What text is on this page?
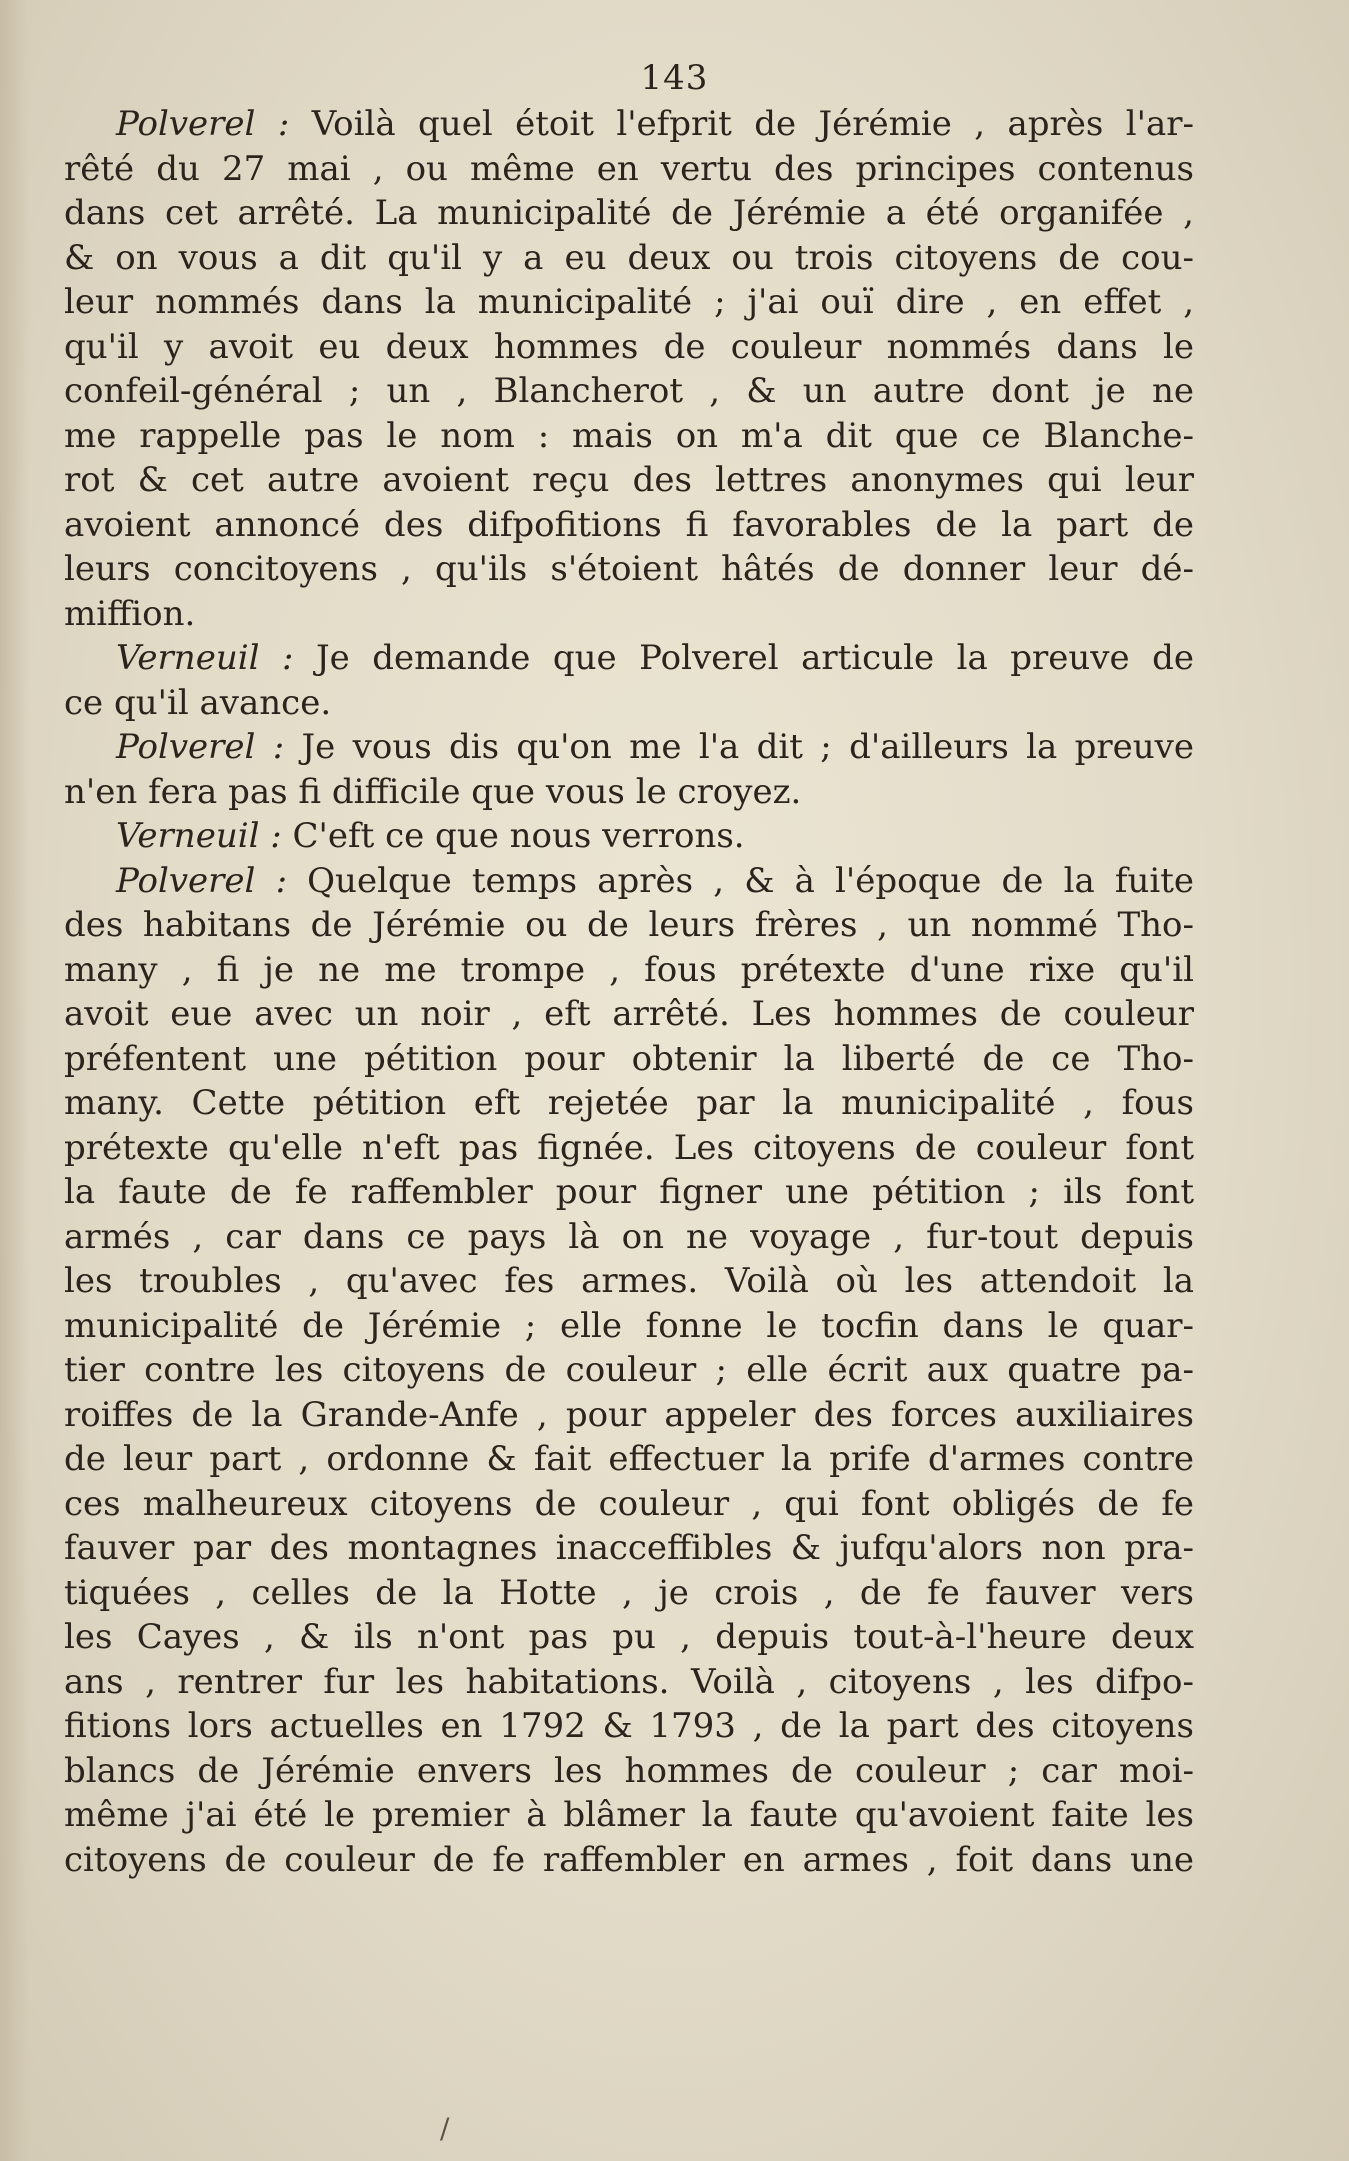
143
Polverel : Voilà quel étoit l'efprit de Jérémie , après l'ar-
rêté du 27 mai , ou même en vertu des principes contenus
dans cet arrêté. La municipalité de Jérémie a été organifée ,
& on vous a dit qu'il y a eu deux ou trois citoyens de cou-
leur nommés dans la municipalité ; j'ai ouï dire , en effet ,
qu'il y avoit eu deux hommes de couleur nommés dans le
confeil-général ; un , Blancherot , & un autre dont je ne
me rappelle pas le nom : mais on m'a dit que ce Blanche-
rot & cet autre avoient reçu des lettres anonymes qui leur
avoient annoncé des difpofitions fi favorables de la part de
leurs concitoyens , qu'ils s'étoient hâtés de donner leur dé-
miffion.
Verneuil : Je demande que Polverel articule la preuve de
ce qu'il avance.
Polverel : Je vous dis qu'on me l'a dit ; d'ailleurs la preuve
n'en fera pas fi difficile que vous le croyez.
Verneuil : C'eft ce que nous verrons.
Polverel : Quelque temps après , & à l'époque de la fuite
des habitans de Jérémie ou de leurs frères , un nommé Tho-
many , fi je ne me trompe , fous prétexte d'une rixe qu'il
avoit eue avec un noir , eft arrêté. Les hommes de couleur
préfentent une pétition pour obtenir la liberté de ce Tho-
many. Cette pétition eft rejetée par la municipalité , fous
prétexte qu'elle n'eft pas fignée. Les citoyens de couleur font
la faute de fe raffembler pour figner une pétition ; ils font
armés , car dans ce pays là on ne voyage , fur-tout depuis
les troubles , qu'avec fes armes. Voilà où les attendoit la
municipalité de Jérémie ; elle fonne le tocfin dans le quar-
tier contre les citoyens de couleur ; elle écrit aux quatre pa-
roiffes de la Grande-Anfe , pour appeler des forces auxiliaires
de leur part , ordonne & fait effectuer la prife d'armes contre
ces malheureux citoyens de couleur , qui font obligés de fe
fauver par des montagnes inacceffibles & jufqu'alors non pra-
tiquées , celles de la Hotte , je crois , de fe fauver vers
les Cayes , & ils n'ont pas pu , depuis tout-à-l'heure deux
ans , rentrer fur les habitations. Voilà , citoyens , les difpo-
fitions lors actuelles en 1792 & 1793 , de la part des citoyens
blancs de Jérémie envers les hommes de couleur ; car moi-
même j'ai été le premier à blâmer la faute qu'avoient faite les
citoyens de couleur de fe raffembler en armes , foit dans une
/
